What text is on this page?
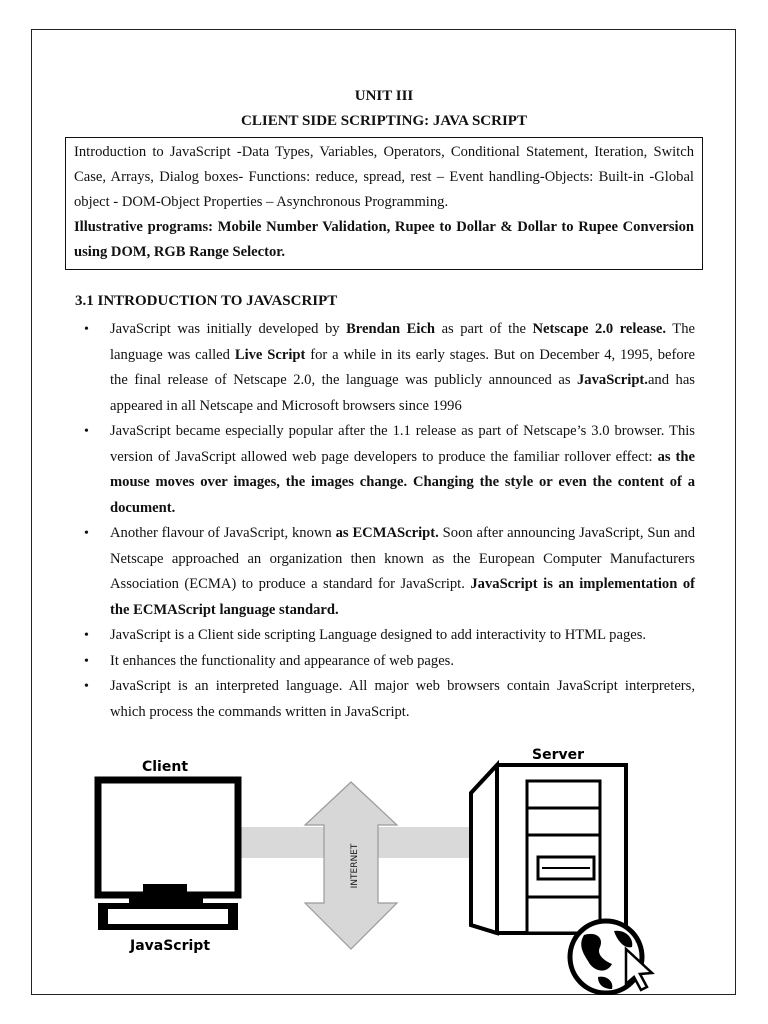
UNIT III
CLIENT SIDE SCRIPTING: JAVA SCRIPT

Introduction to JavaScript -Data Types, Variables, Operators, Conditional Statement, Iteration, Switch Case, Arrays, Dialog boxes- Functions: reduce, spread, rest – Event handling-Objects: Built-in -Global object - DOM-Object Properties – Asynchronous Programming.

Illustrative programs: Mobile Number Validation, Rupee to Dollar & Dollar to Rupee Conversion using DOM, RGB Range Selector.

3.1 INTRODUCTION TO JAVASCRIPT
• JavaScript was initially developed by Brendan Eich as part of the Netscape 2.0 release. The language was called Live Script for a while in its early stages. But on December 4, 1995, before the final release of Netscape 2.0, the language was publicly announced as JavaScript.and has appeared in all Netscape and Microsoft browsers since 1996
• JavaScript became especially popular after the 1.1 release as part of Netscape’s 3.0 browser. This version of JavaScript allowed web page developers to produce the familiar rollover effect: as the mouse moves over images, the images change. Changing the style or even the content of a document.
• Another flavour of JavaScript, known as ECMAScript. Soon after announcing JavaScript, Sun and Netscape approached an organization then known as the European Computer Manufacturers Association (ECMA) to produce a standard for JavaScript. JavaScript is an implementation of the ECMAScript language standard.
• JavaScript is a Client side scripting Language designed to add interactivity to HTML pages.
• It enhances the functionality and appearance of web pages.
• JavaScript is an interpreted language. All major web browsers contain JavaScript interpreters, which process the commands written in JavaScript.
INTERNET
Client
JavaScript
Server
